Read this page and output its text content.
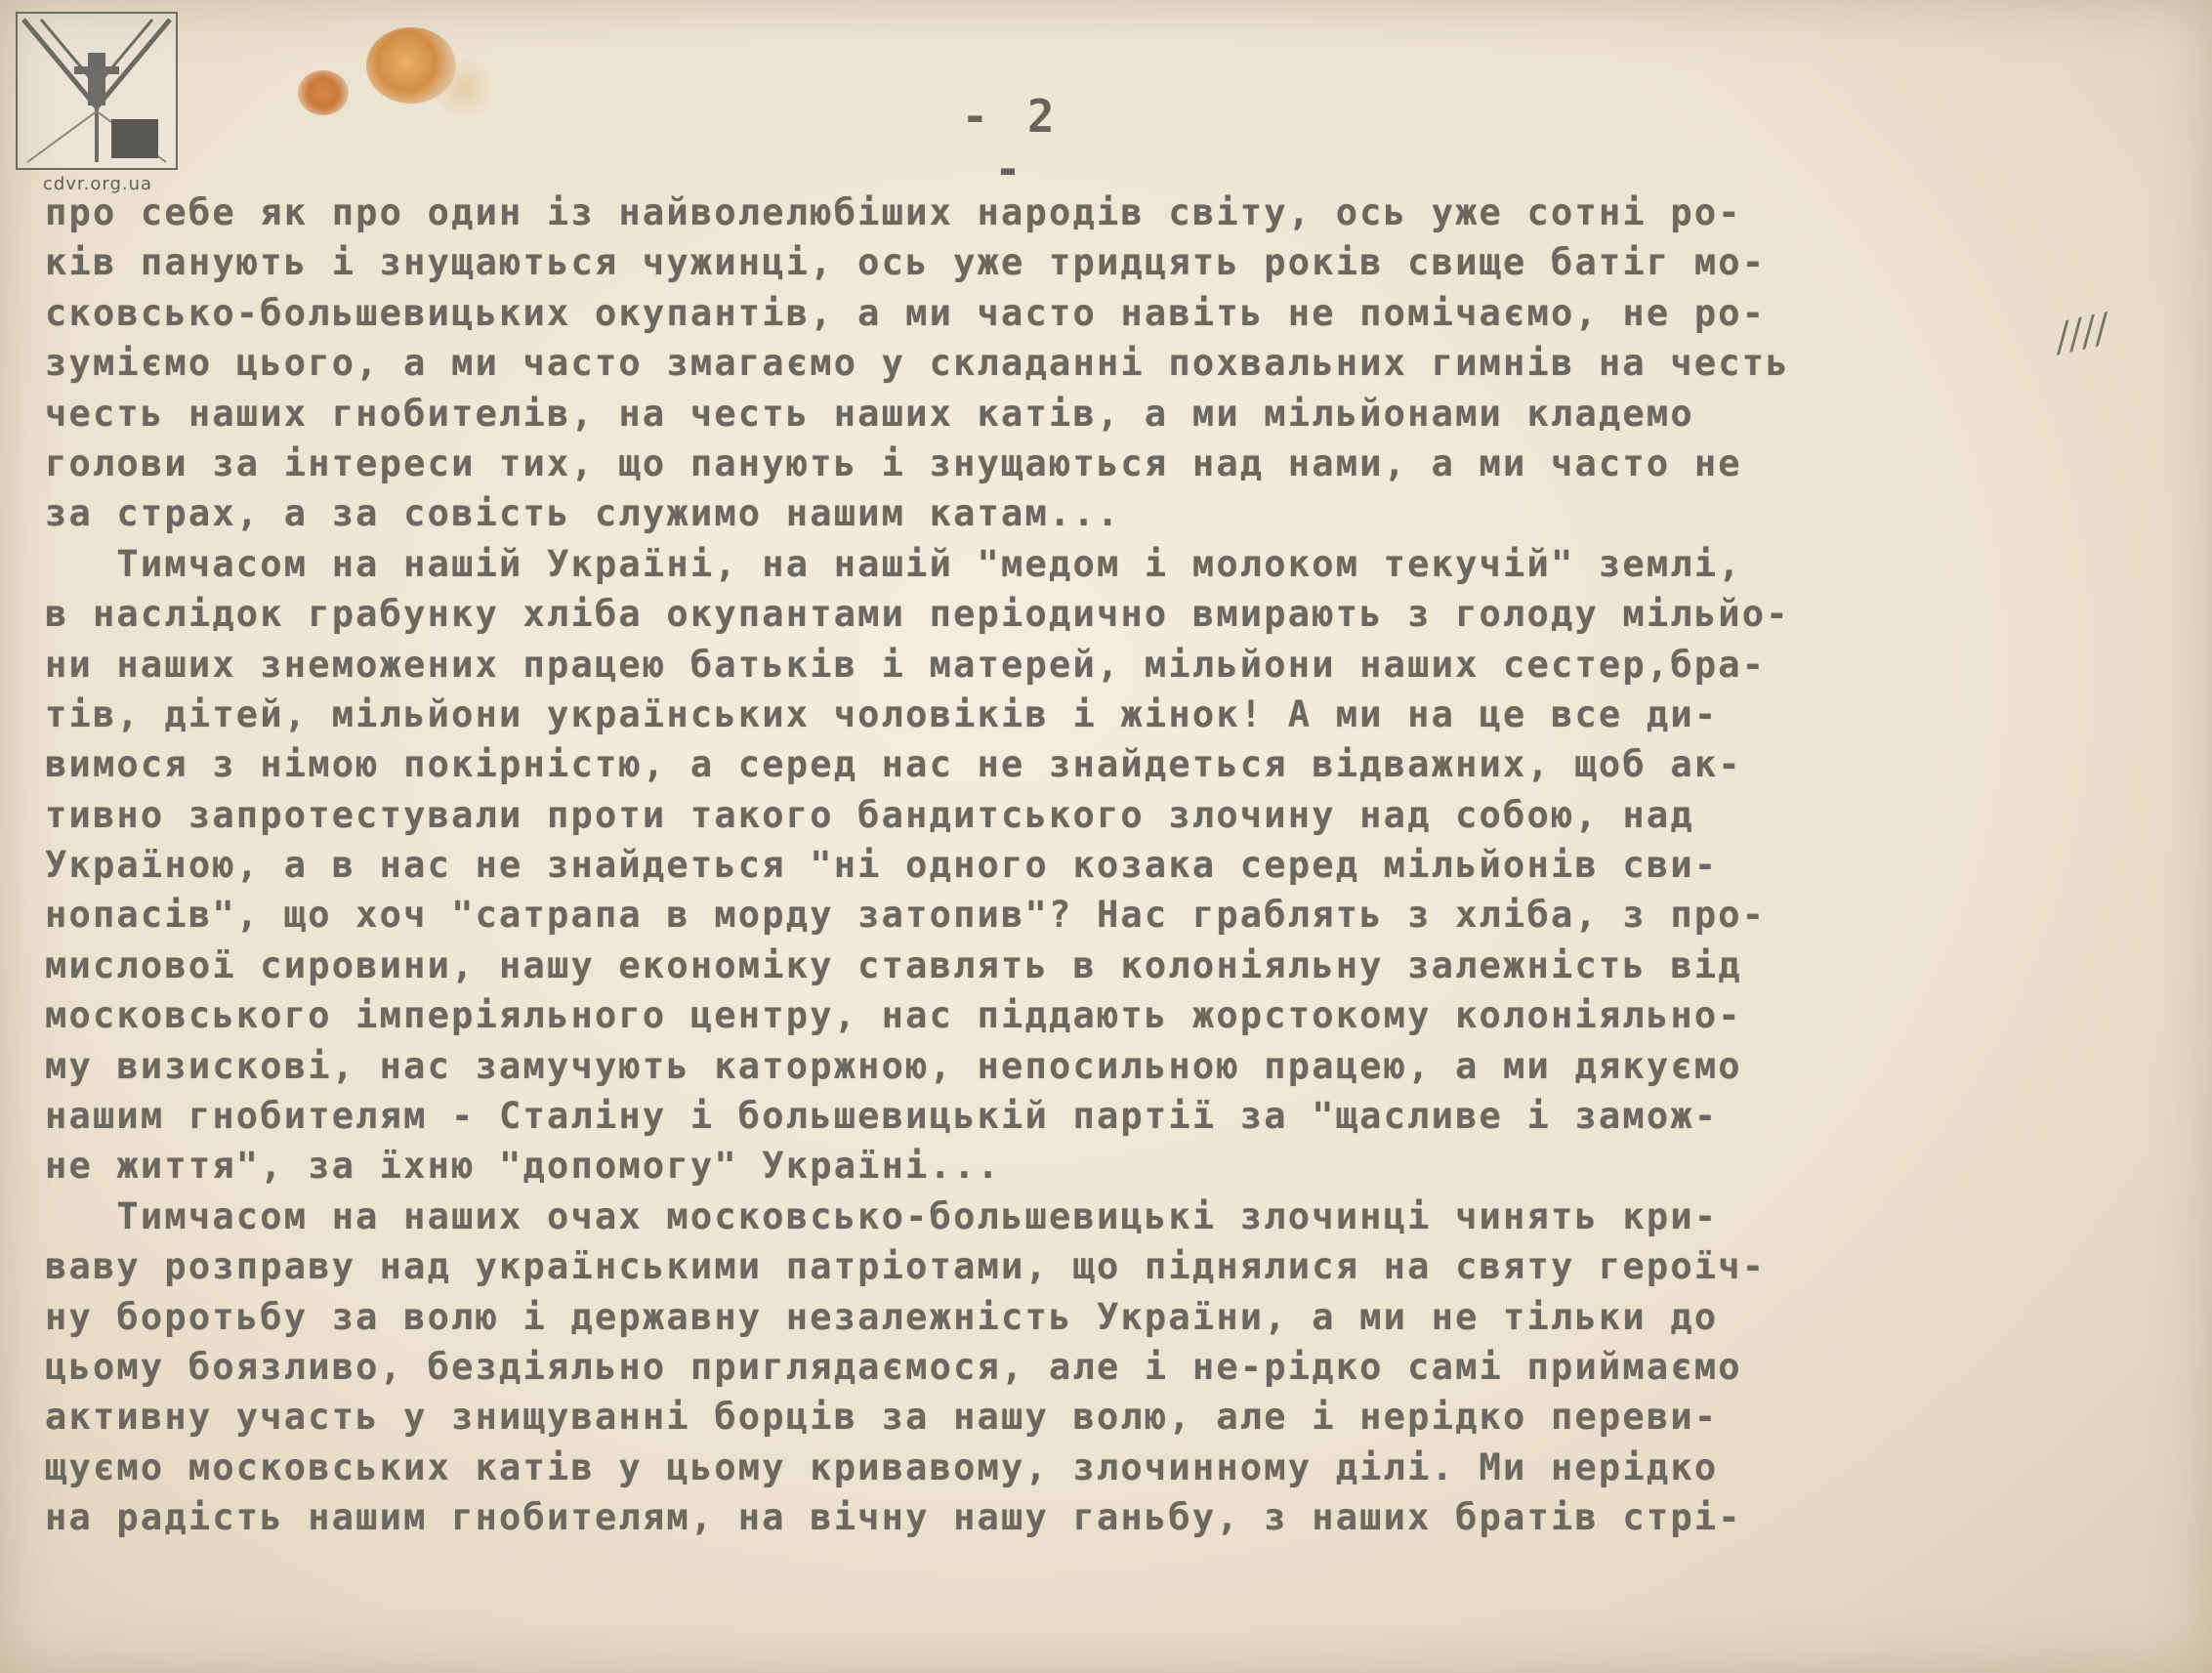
cdvr.org.ua
- 2 -
////
про себе як про один із найволелюбіших народів світу, ось уже сотні ро-
ків панують і знущаються чужинці, ось уже тридцять років свище батіг мо-
сковсько-большевицьких окупантів, а ми часто навіть не помічаємо, не ро-
зуміємо цього, а ми часто змагаємо у складанні похвальних гимнів на честь
честь наших гнобителів, на честь наших катів, а ми мільйонами кладемо
голови за інтереси тих, що панують і знущаються над нами, а ми часто не
за страх, а за совість служимо нашим катам...
Тимчасом на нашій Україні, на нашій "медом і молоком текучій" землі,
в наслідок грабунку хліба окупантами періодично вмирають з голоду мільйо-
ни наших знеможених працею батьків і матерей, мільйони наших сестер,бра-
тів, дітей, мільйони українських чоловіків і жінок! А ми на це все ди-
вимося з німою покірністю, а серед нас не знайдеться відважних, щоб ак-
тивно запротестували проти такого бандитського злочину над собою, над
Україною, а в нас не знайдеться "ні одного козака серед мільйонів сви-
нопасів", що хоч "сатрапа в морду затопив"? Нас граблять з хліба, з про-
мислової сировини, нашу економіку ставлять в колоніяльну залежність від
московського імперіяльного центру, нас піддають жорстокому колоніяльно-
му визискові, нас замучують каторжною, непосильною працею, а ми дякуємо
нашим гнобителям - Сталіну і большевицькій партії за "щасливе і замож-
не життя", за їхню "допомогу" Україні...
Тимчасом на наших очах московсько-большевицькі злочинці чинять кри-
ваву розправу над українськими патріотами, що піднялися на святу героїч-
ну боротьбу за волю і державну незалежність України, а ми не тільки до
цьому боязливо, бездіяльно приглядаємося, але і не-рідко самі приймаємо
активну участь у знищуванні борців за нашу волю, але і нерідко переви-
щуємо московських катів у цьому кривавому, злочинному ділі. Ми нерідко
на радість нашим гнобителям, на вічну нашу ганьбу, з наших братів стрі-
